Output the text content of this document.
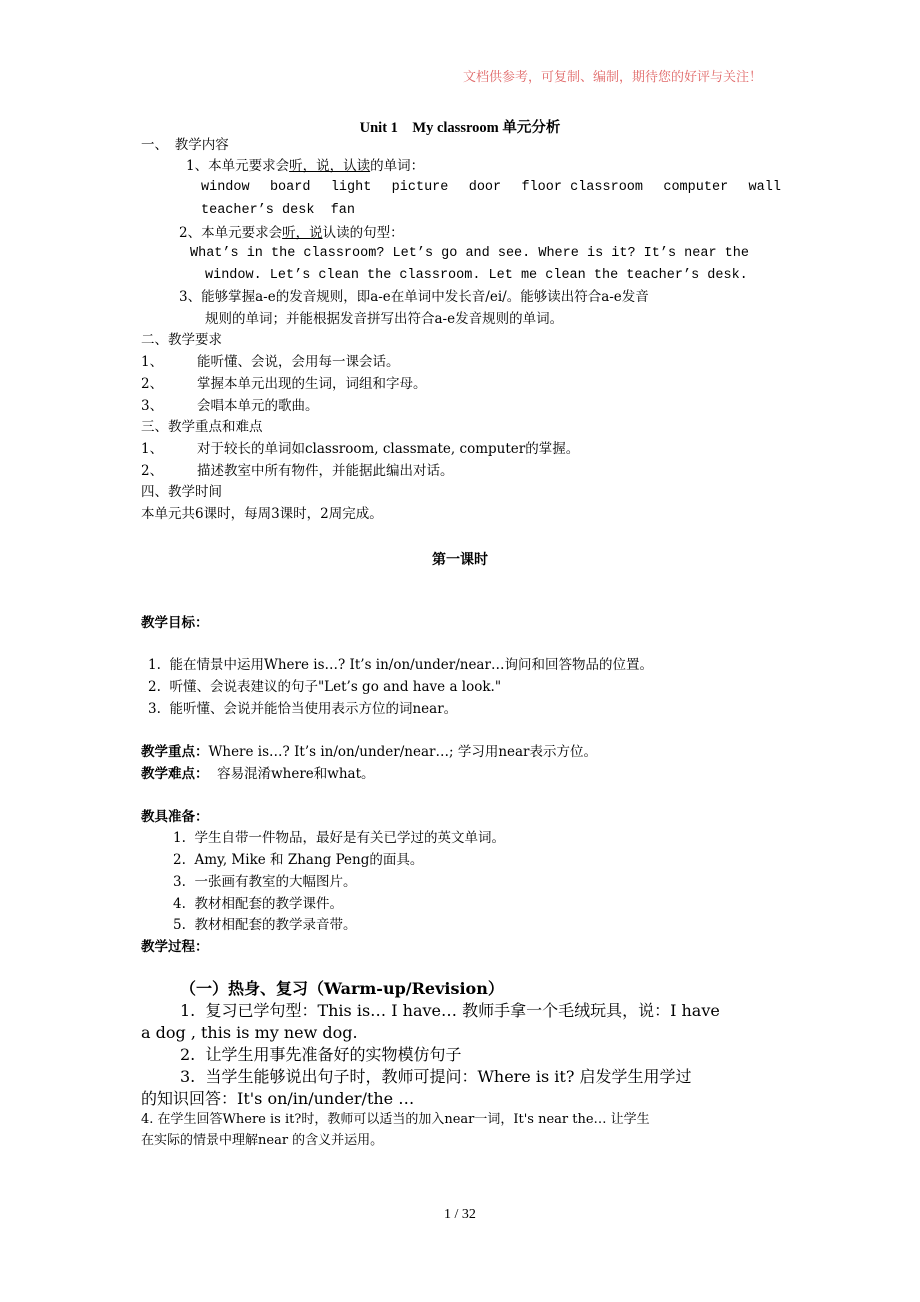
文档供参考，可复制、编制，期待您的好评与关注！
Unit 1　My classroom 单元分析
一、　教学内容
1、本单元要求会听，说，认读的单词：
window board light picture door floor classroom computer wall
teacher’s desk  fan
2、本单元要求会听，说认读的句型：
What’s in the classroom? Let’s go and see. Where is it? It’s near the
window. Let’s clean the classroom. Let me clean the teacher’s desk.
3、能够掌握a-e的发音规则，即a-e在单词中发长音/ei/。能够读出符合a-e发音
规则的单词；并能根据发音拼写出符合a-e发音规则的单词。
二、教学要求
1、	能听懂、会说，会用每一课会话。
2、	掌握本单元出现的生词，词组和字母。
3、	会唱本单元的歌曲。
三、教学重点和难点
1、	对于较长的单词如classroom, classmate, computer的掌握。
2、	描述教室中所有物件，并能据此编出对话。
四、教学时间
本单元共6课时，每周3课时，2周完成。
第一课时
教学目标：
1.  能在情景中运用Where is…? It’s in/on/under/near…询问和回答物品的位置。
2.  听懂、会说表建议的句子"Let’s go and have a look."
3.  能听懂、会说并能恰当使用表示方位的词near。
教学重点：Where is…? It’s in/on/under/near…; 学习用near表示方位。
教学难点：  容易混淆where和what。
教具准备：
1.  学生自带一件物品，最好是有关已学过的英文单词。
2.  Amy, Mike 和 Zhang Peng的面具。
3.  一张画有教室的大幅图片。
4.  教材相配套的教学课件。
5.  教材相配套的教学录音带。
教学过程：
（一）热身、复习（Warm-up/Revision）
1.  复习已学句型：This is… I have… 教师手拿一个毛绒玩具，说：I have
a dog , this is my new dog.
2.  让学生用事先准备好的实物模仿句子
3.  当学生能够说出句子时，教师可提问：Where is it? 启发学生用学过
的知识回答：It's on/in/under/the …
4. 在学生回答Where is it?时，教师可以适当的加入near一词，It's near the… 让学生
在实际的情景中理解near 的含义并运用。
1 / 32
